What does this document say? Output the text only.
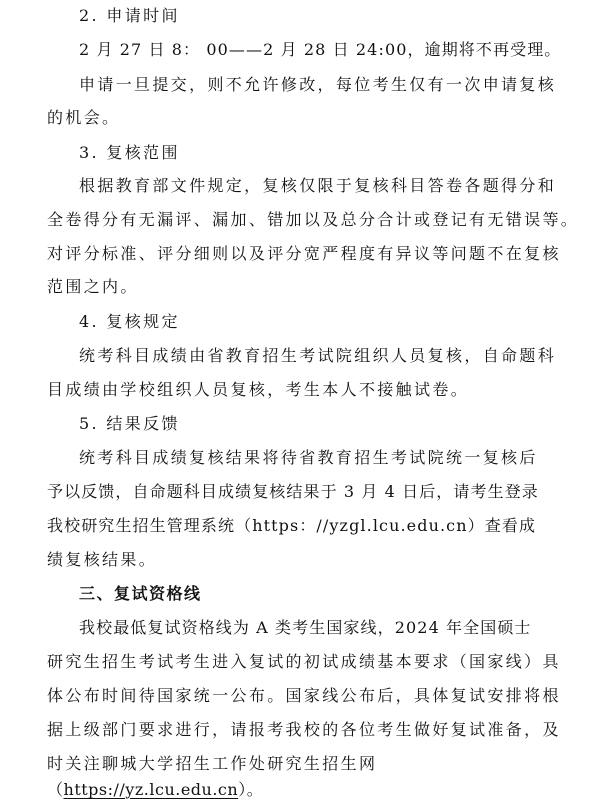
2. 申请时间
2 月 27 日 8： 00——2 月 28 日 24:00，逾期将不再受理。
申请一旦提交，则不允许修改，每位考生仅有一次申请复核
的机会。
3. 复核范围
根据教育部文件规定，复核仅限于复核科目答卷各题得分和
全卷得分有无漏评、漏加、错加以及总分合计或登记有无错误等。
对评分标准、评分细则以及评分宽严程度有异议等问题不在复核
范围之内。
4. 复核规定
统考科目成绩由省教育招生考试院组织人员复核，自命题科
目成绩由学校组织人员复核，考生本人不接触试卷。
5. 结果反馈
统考科目成绩复核结果将待省教育招生考试院统一复核后
予以反馈，自命题科目成绩复核结果于 3 月 4 日后，请考生登录
我校研究生招生管理系统（https：//yzgl.lcu.edu.cn）查看成
绩复核结果。
三、复试资格线
我校最低复试资格线为 A 类考生国家线，2024 年全国硕士
研究生招生考试考生进入复试的初试成绩基本要求（国家线）具
体公布时间待国家统一公布。国家线公布后，具体复试安排将根
据上级部门要求进行，请报考我校的各位考生做好复试准备，及
时关注聊城大学招生工作处研究生招生网
（https://yz.lcu.edu.cn）。
